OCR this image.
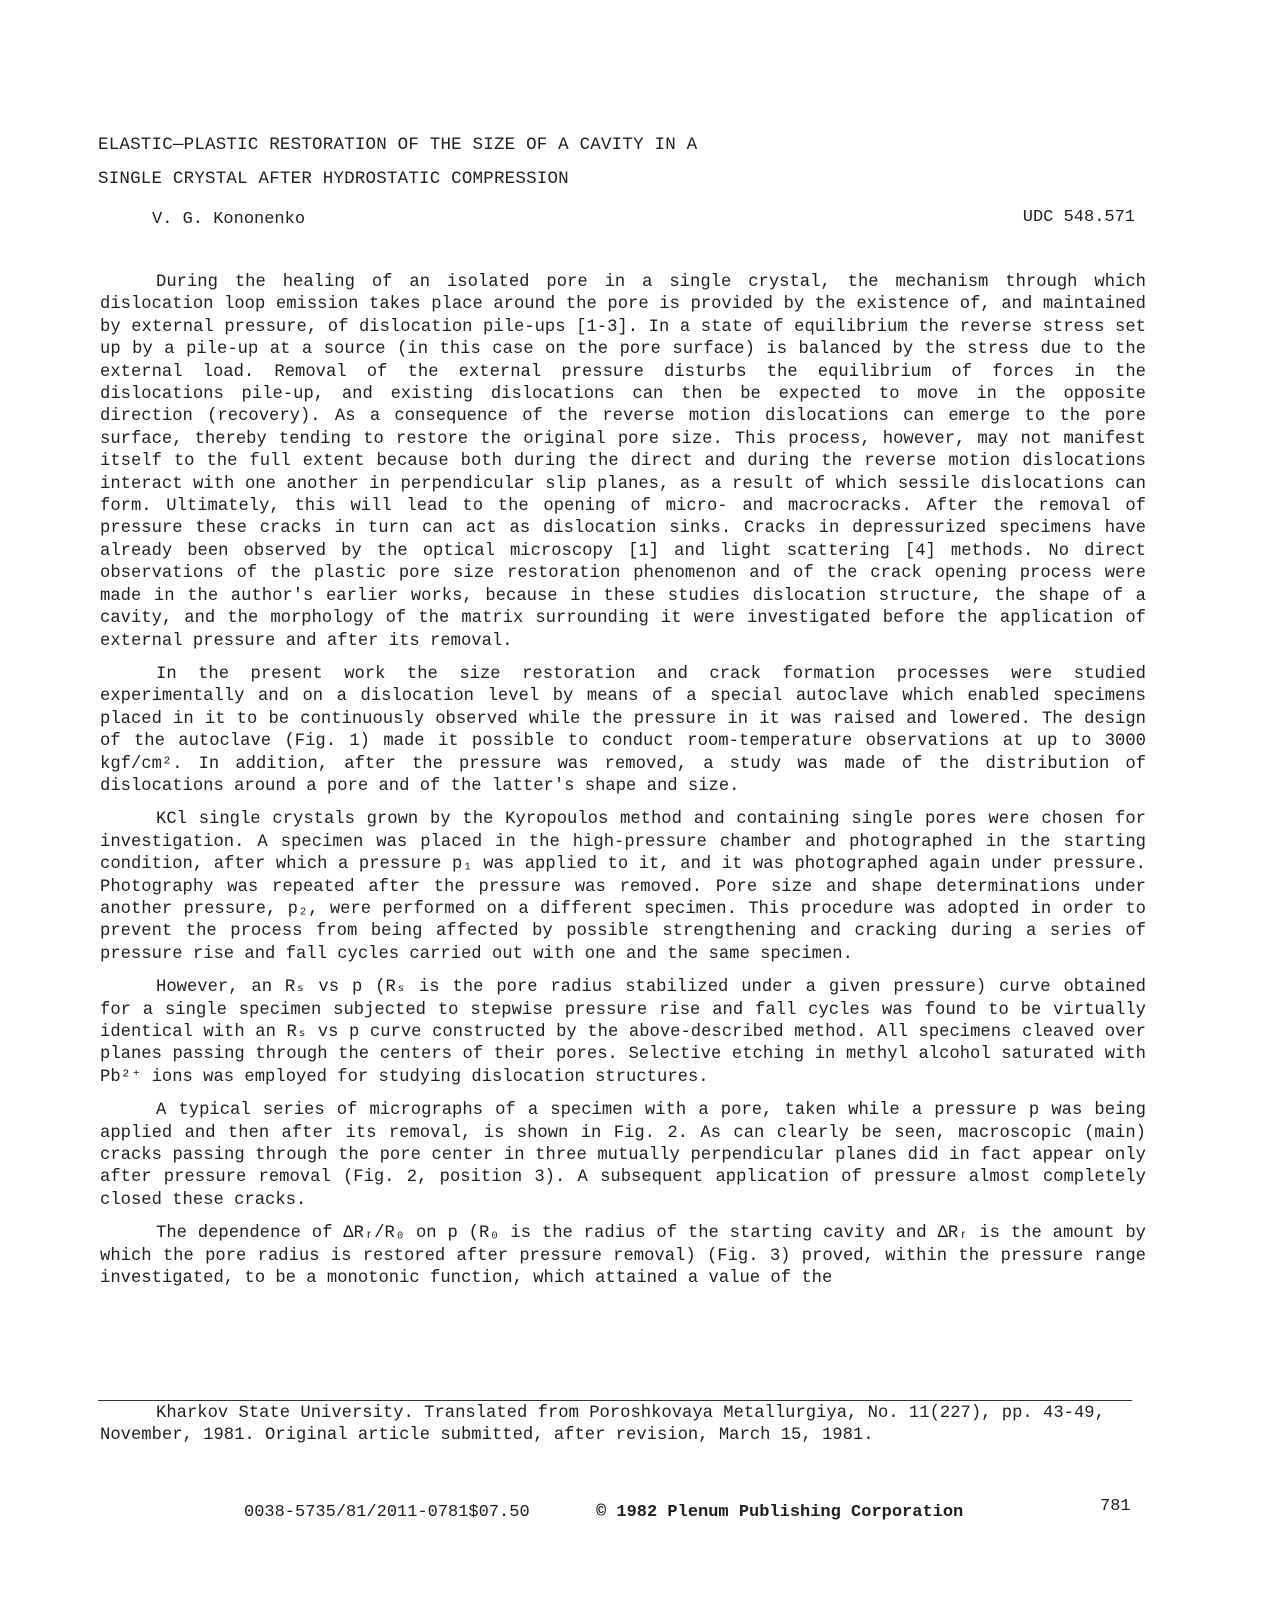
ELASTIC—PLASTIC RESTORATION OF THE SIZE OF A CAVITY IN A
SINGLE CRYSTAL AFTER HYDROSTATIC COMPRESSION
V. G. Kononenko	UDC 548.571

During the healing of an isolated pore in a single crystal, the mechanism through which dislocation loop emission takes place around the pore is provided by the existence of, and maintained by external pressure, of dislocation pile-ups [1-3]. In a state of equilibrium the reverse stress set up by a pile-up at a source (in this case on the pore surface) is balanced by the stress due to the external load. Removal of the external pressure disturbs the equilibrium of forces in the dislocations pile-up, and existing dislocations can then be expected to move in the opposite direction (recovery). As a consequence of the reverse motion dislocations can emerge to the pore surface, thereby tending to restore the original pore size. This process, however, may not manifest itself to the full extent because both during the direct and during the reverse motion dislocations interact with one another in perpendicular slip planes, as a result of which sessile dislocations can form. Ultimately, this will lead to the opening of micro- and macrocracks. After the removal of pressure these cracks in turn can act as dislocation sinks. Cracks in depressurized specimens have already been observed by the optical microscopy [1] and light scattering [4] methods. No direct observations of the plastic pore size restoration phenomenon and of the crack opening process were made in the author's earlier works, because in these studies dislocation structure, the shape of a cavity, and the morphology of the matrix surrounding it were investigated before the application of external pressure and after its removal.

In the present work the size restoration and crack formation processes were studied experimentally and on a dislocation level by means of a special autoclave which enabled specimens placed in it to be continuously observed while the pressure in it was raised and lowered. The design of the autoclave (Fig. 1) made it possible to conduct room-temperature observations at up to 3000 kgf/cm². In addition, after the pressure was removed, a study was made of the distribution of dislocations around a pore and of the latter's shape and size.

KCl single crystals grown by the Kyropoulos method and containing single pores were chosen for investigation. A specimen was placed in the high-pressure chamber and photographed in the starting condition, after which a pressure p₁ was applied to it, and it was photographed again under pressure. Photography was repeated after the pressure was removed. Pore size and shape determinations under another pressure, p₂, were performed on a different specimen. This procedure was adopted in order to prevent the process from being affected by possible strengthening and cracking during a series of pressure rise and fall cycles carried out with one and the same specimen.

However, an Rₛ vs p (Rₛ is the pore radius stabilized under a given pressure) curve obtained for a single specimen subjected to stepwise pressure rise and fall cycles was found to be virtually identical with an Rₛ vs p curve constructed by the above-described method. All specimens cleaved over planes passing through the centers of their pores. Selective etching in methyl alcohol saturated with Pb²⁺ ions was employed for studying dislocation structures.

A typical series of micrographs of a specimen with a pore, taken while a pressure p was being applied and then after its removal, is shown in Fig. 2. As can clearly be seen, macroscopic (main) cracks passing through the pore center in three mutually perpendicular planes did in fact appear only after pressure removal (Fig. 2, position 3). A subsequent application of pressure almost completely closed these cracks.

The dependence of ΔRᵣ/R₀ on p (R₀ is the radius of the starting cavity and ΔRᵣ is the amount by which the pore radius is restored after pressure removal) (Fig. 3) proved, within the pressure range investigated, to be a monotonic function, which attained a value of the

Kharkov State University. Translated from Poroshkovaya Metallurgiya, No. 11(227), pp. 43-49, November, 1981. Original article submitted, after revision, March 15, 1981.

0038-5735/81/2011-0781$07.50	© 1982 Plenum Publishing Corporation	781
